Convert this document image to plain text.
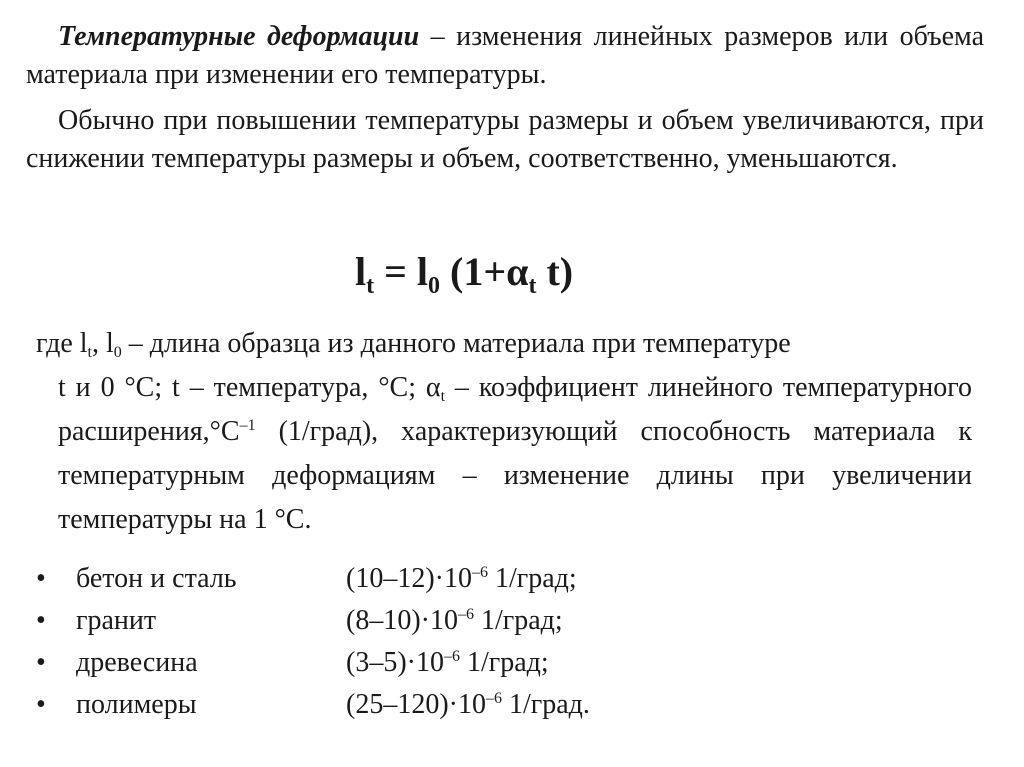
Температурные деформации – изменения линейных размеров или объема материала при изменении его температуры.
Обычно при повышении температуры размеры и объем увеличиваются, при снижении температуры размеры и объем, соответственно, уменьшаются.
$l_t = l_0$ ($1+\alpha_t$ t)
где $l_t$, $l_0$ – длина образца из данного материала при температуре
t и 0 °С; t – температура, °С; $\alpha_t$ – коэффициент линейного температурного $расширения,^\circ С^{-1}$ (1/град), характеризующий способность материала к температурным деформациям – изменение длины при увеличении температуры на 1 °С.
•	бетон и сталь	$(10-12)\cdot 10^{-6}$ 1/град;
•	гранит	$(8-10)\cdot 10^{-6}$ 1/град;
•	древесина	$(3-5)\cdot 10^{-6}$ 1/град;
•	полимеры	$(25-120)\cdot 10^{-6}$ 1/град.
